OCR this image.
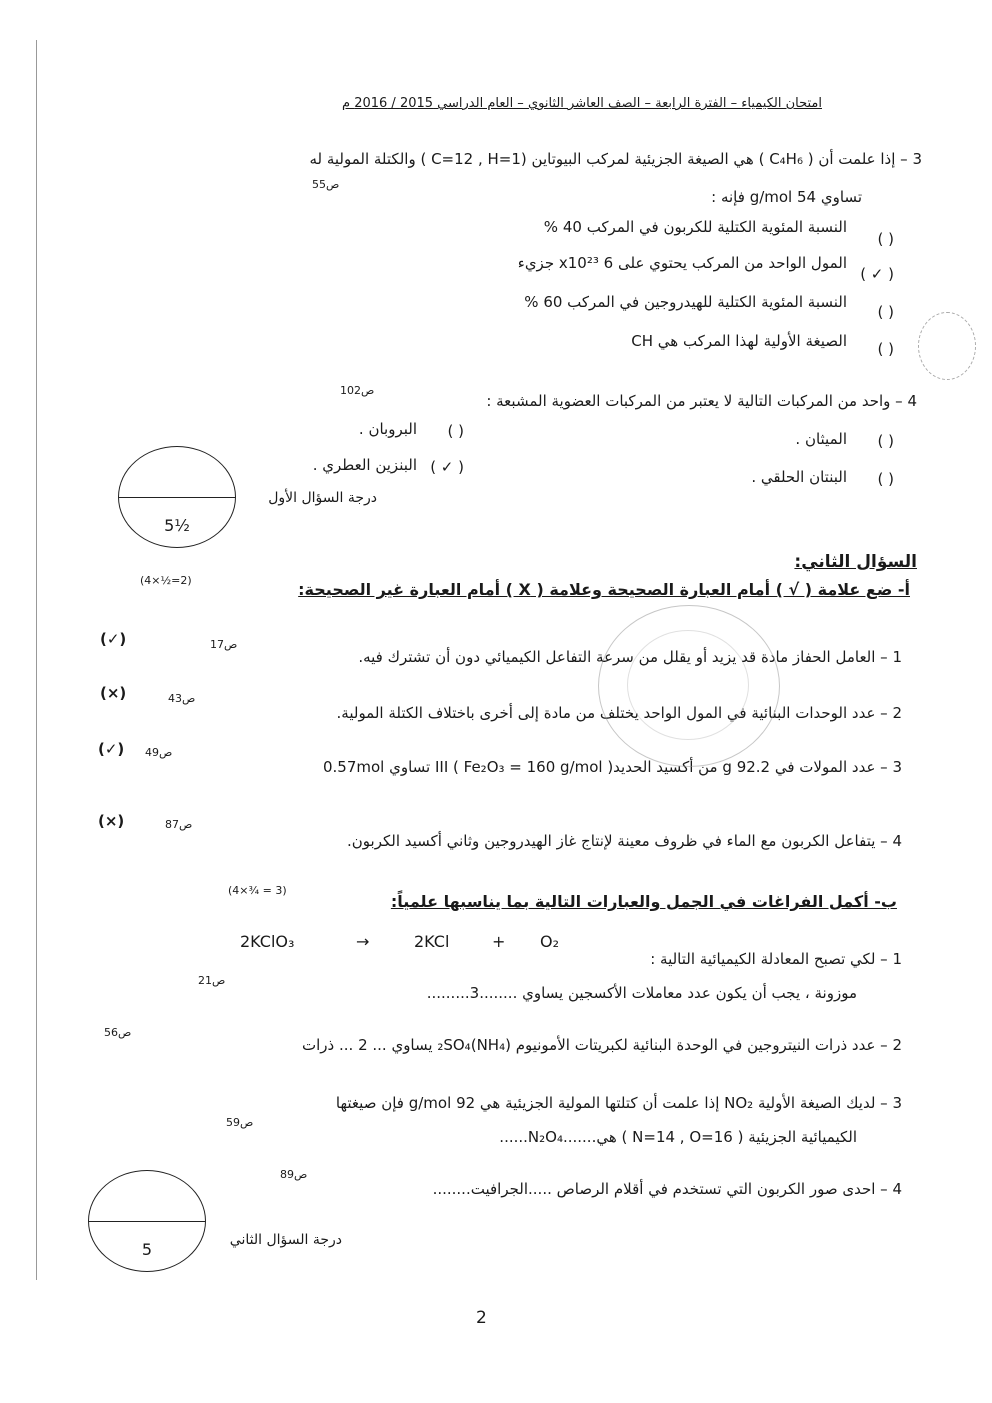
امتحان الكيمياء – الفترة الرابعة – الصف العاشر الثانوي – العام الدراسي 2015 / 2016 م
3 – إذا علمت أن ( C₄H₆ ) هي الصيغة الجزيئية لمركب البيوتاين (C=12 , H=1 ) والكتلة المولية له
تساوي 54 g/mol فإنه :
ص55
( )
النسبة المئوية الكتلية للكربون في المركب 40 %
( ✓ )
المول الواحد من المركب يحتوي على 6 x10²³ جزيء
( )
النسبة المئوية الكتلية للهيدروجين في المركب 60 %
( )
الصيغة الأولية لهذا المركب هي CH
4 – واحد من المركبات التالية لا يعتبر من المركبات العضوية المشبعة :
ص102
( )
الميثان .
( )
البروبان .
( )
البنتان الحلقي .
( ✓ )
البنزين العطري .
5½
درجة السؤال الأول
السؤال الثاني:
أ- ضع علامة ( √ ) أمام العبارة الصحيحة وعلامة ( X ) أمام العبارة غير الصحيحة:
(4×½=2)
1 – العامل الحفاز مادة قد يزيد أو يقلل من سرعة التفاعل الكيميائي دون أن تشترك فيه.
ص17
(✓)
2 – عدد الوحدات البنائية في المول الواحد يختلف من مادة إلى أخرى باختلاف الكتلة المولية.
ص43
(×)
3 – عدد المولات في 92.2 g من أكسيد الحديدIII ( Fe₂O₃ = 160 g/mol ) تساوي 0.57mol
ص49
(✓)
4 – يتفاعل الكربون مع الماء في ظروف معينة لإنتاج غاز الهيدروجين وثاني أكسيد الكربون.
ص87
(×)
ب- أكمل الفراغات في الجمل والعبارات التالية بما يناسبها علمياً:
(4×¾ = 3)
2KClO₃	→	2KCl	+ O₂
1 – لكي تصبح المعادلة الكيميائية التالية :
موزونة ، يجب أن يكون عدد معاملات الأكسجين يساوي ........3.........
ص21
2 – عدد ذرات النيتروجين في الوحدة البنائية لكبريتات الأمونيوم (NH₄)₂SO₄ يساوي ... 2 ... ذرات
ص56
3 – لديك الصيغة الأولية NO₂ إذا علمت أن كتلتها المولية الجزيئية هي 92 g/mol فإن صيغتها
الكيميائية الجزيئية ( N=14 , O=16 ) هي.......N₂O₄......
ص59
4 – احدى صور الكربون التي تستخدم في أقلام الرصاص .....الجرافيت........
ص89
5	درجة السؤال الثاني
2
